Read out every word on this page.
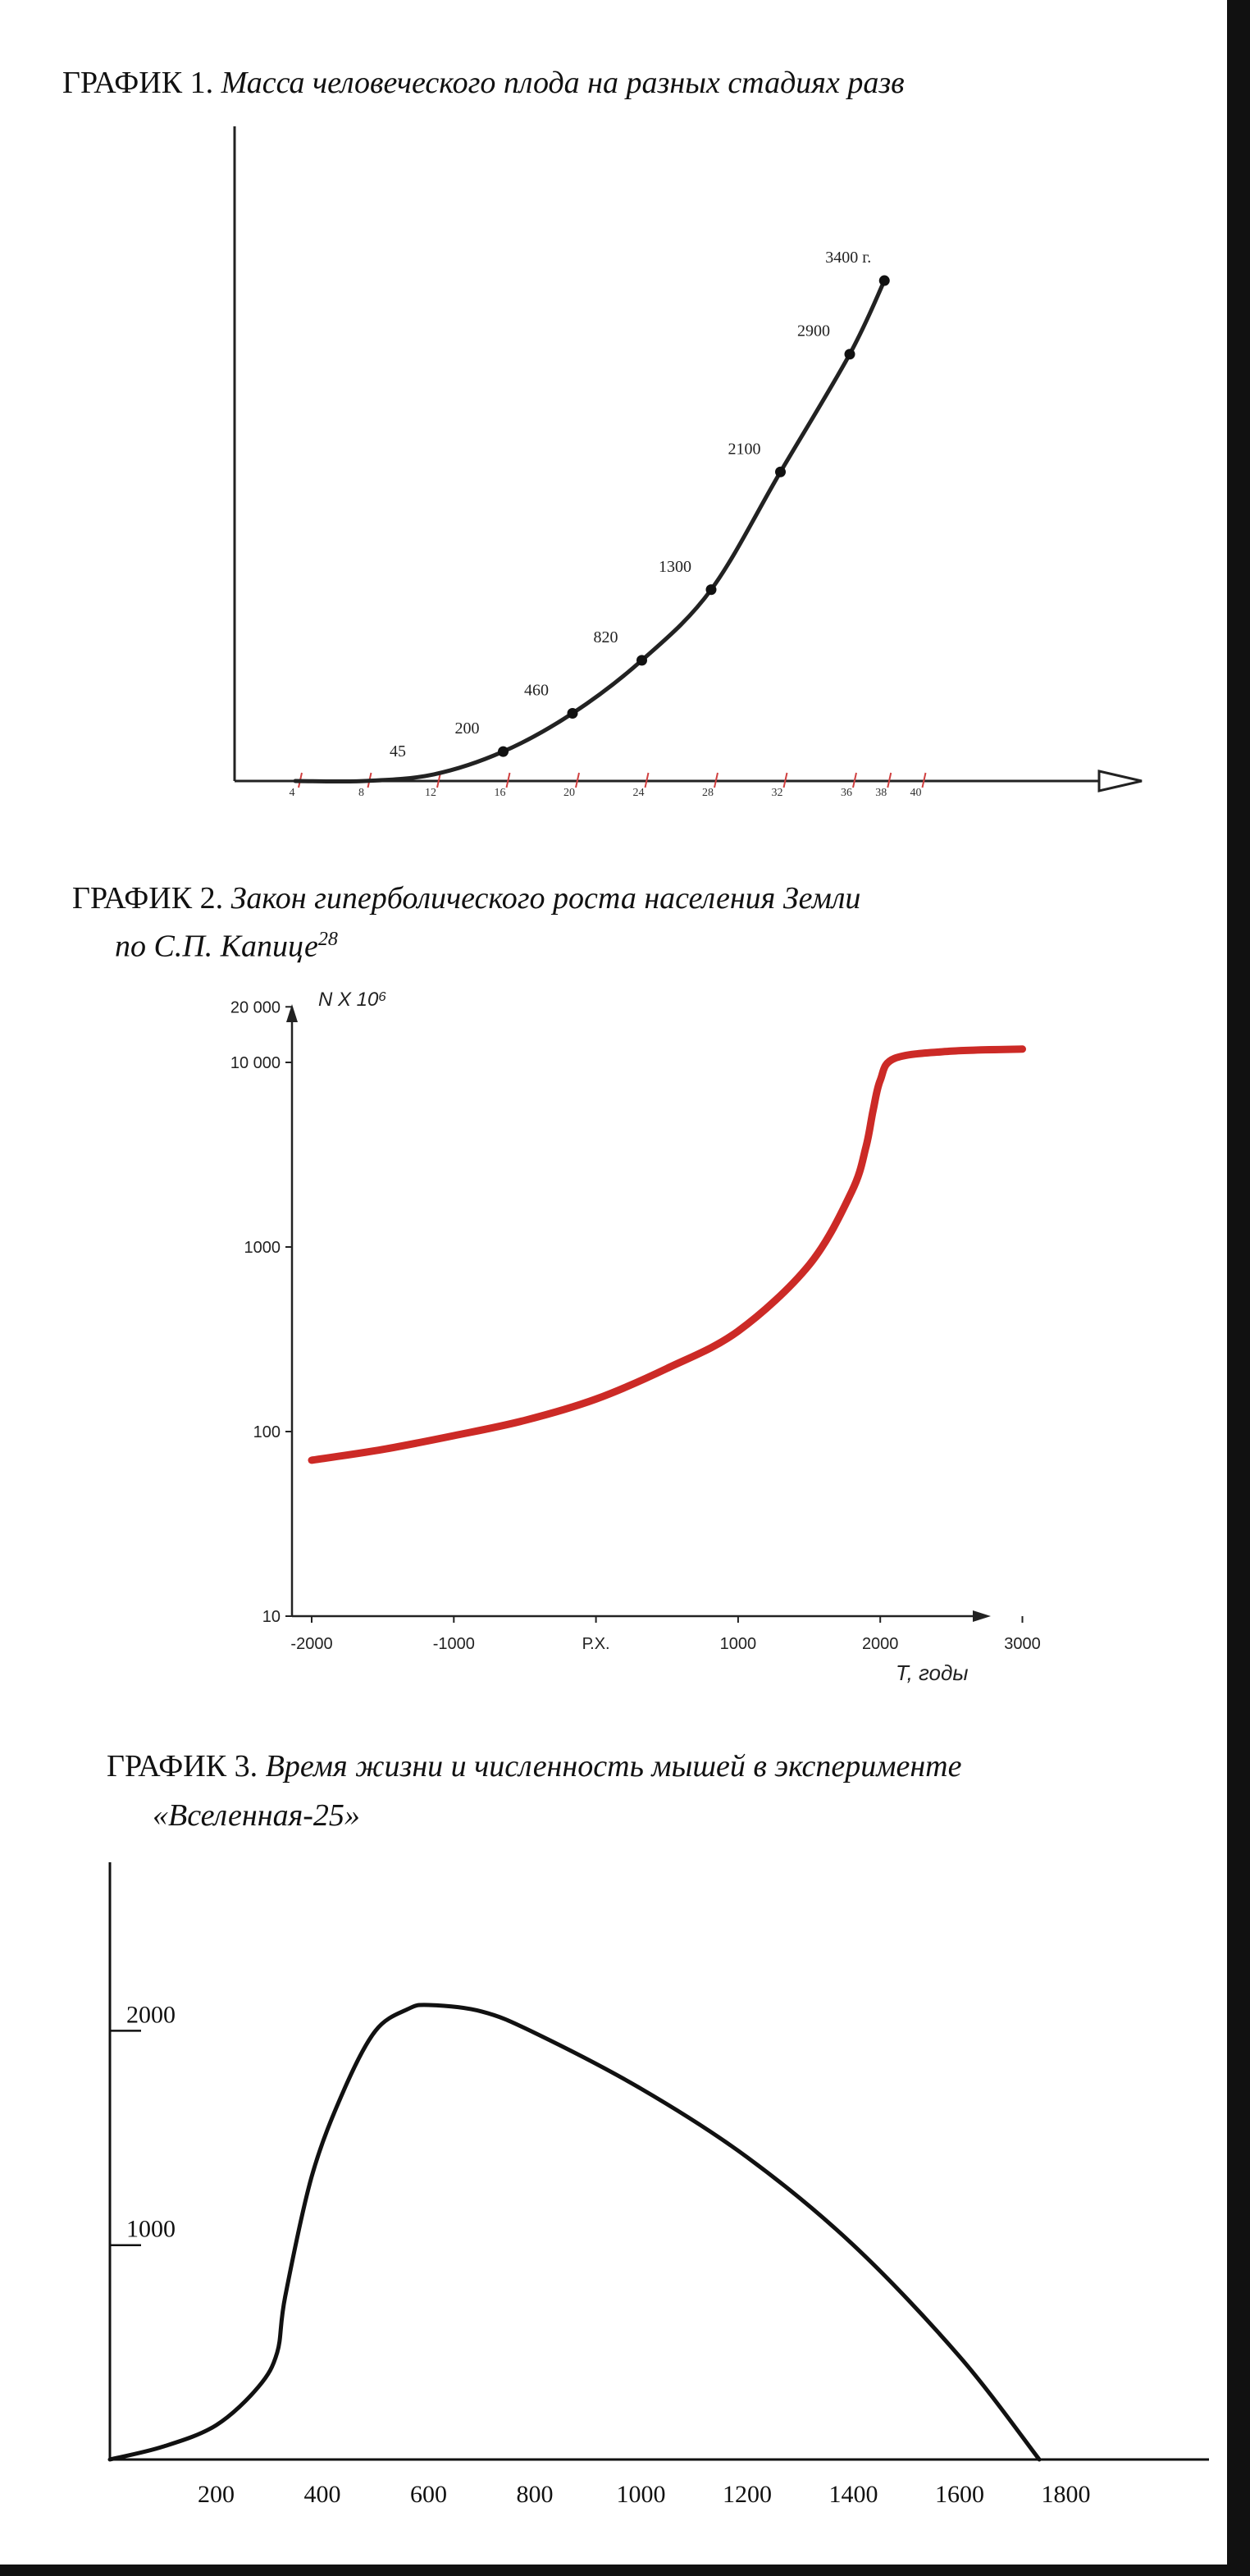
ГРАФИК 1. Масса человеческого плода на разных стадиях разв
4	8	12	16	20	24	28	32	36 38 40
45
200
460
820
1300
2100
2900
3400 г.
ГРАФИК 2. Закон гиперболического роста населения Земли
по С.П. Капице$^{28}$
20 000
10 000
1000
100
10
-2000	-1000	Р.Х.	1000	2000	3000
N X 10⁶
Т, годы
ГРАФИК 3. Время жизни и численность мышей в эксперименте
«Вселенная-25»
1000
2000
200	400	600	800	1000 1200 1400 1600 1800
